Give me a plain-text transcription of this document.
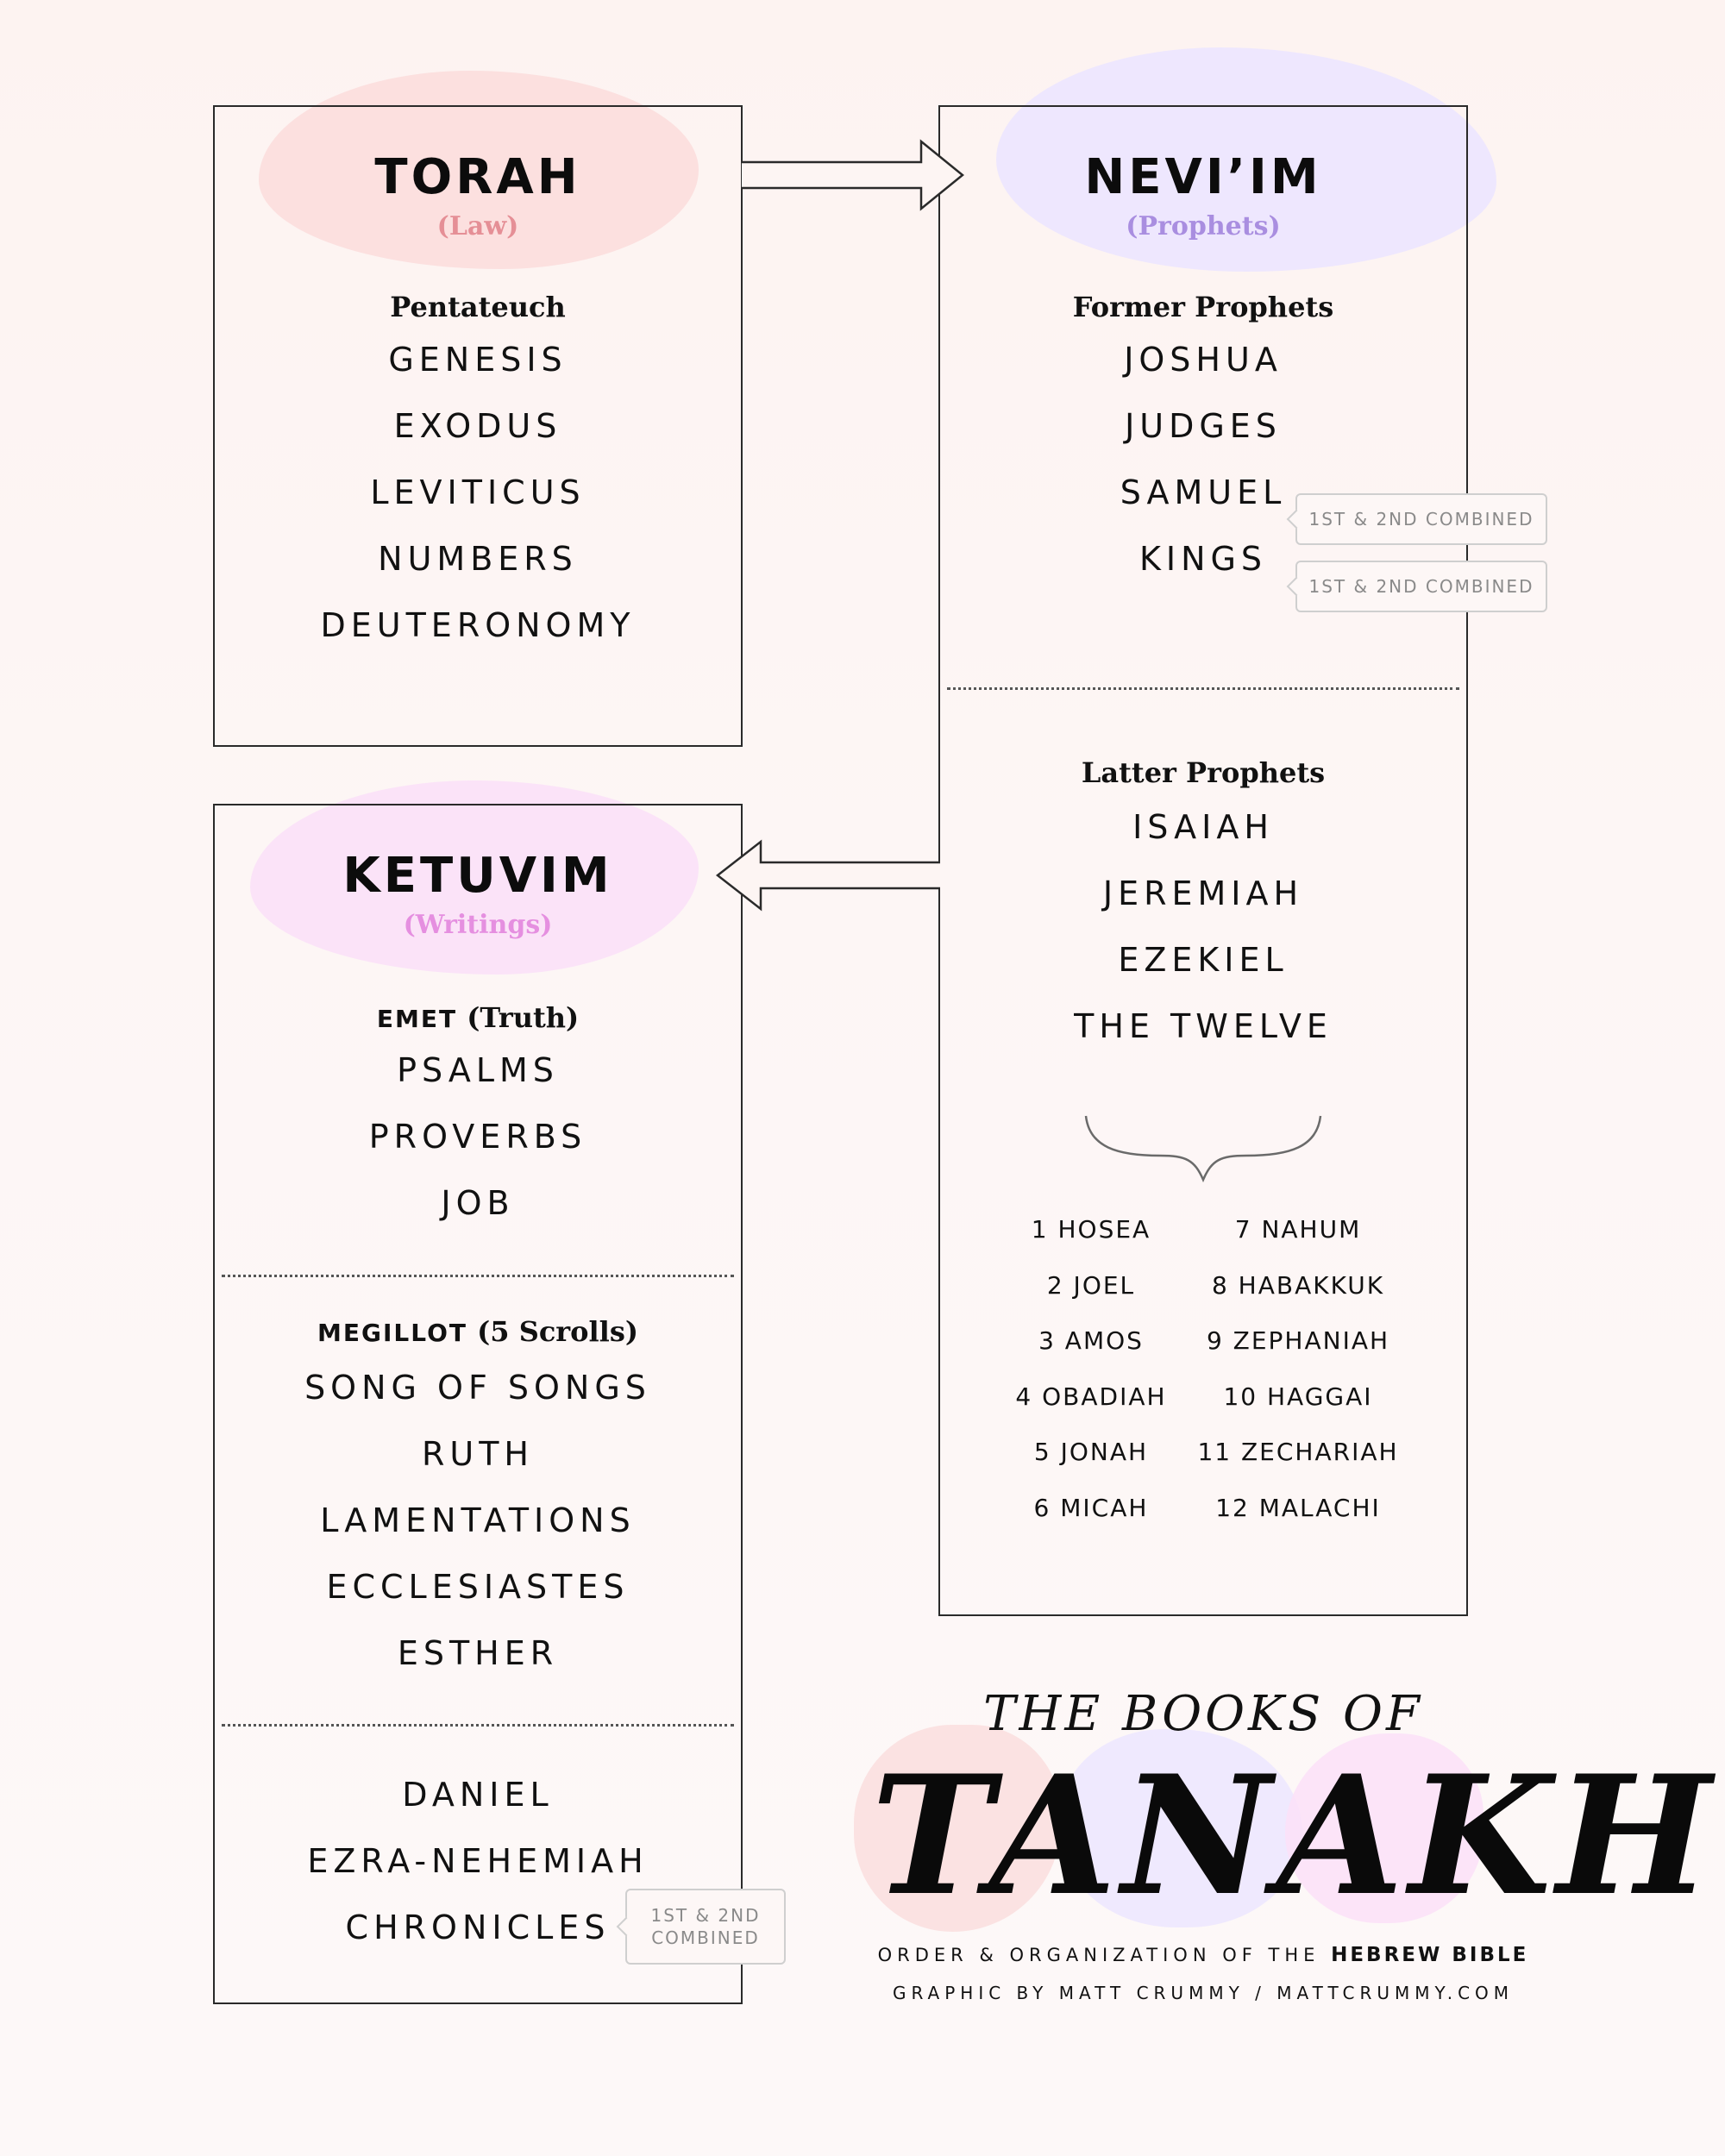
TORAH
(Law)
Pentateuch
GENESIS
EXODUS
LEVITICUS
NUMBERS
DEUTERONOMY
NEVI’IM
(Prophets)
Former Prophets
JOSHUA
JUDGES
SAMUEL
KINGS
1ST & 2ND COMBINED
1ST & 2ND COMBINED
Latter Prophets
ISAIAH
JEREMIAH
EZEKIEL
THE TWELVE
1 HOSEA
2 JOEL
3 AMOS
4 OBADIAH
5 JONAH
6 MICAH
7 NAHUM
8 HABAKKUK
9 ZEPHANIAH
10 HAGGAI
11 ZECHARIAH
12 MALACHI
KETUVIM
(Writings)
EMET (Truth)
PSALMS
PROVERBS
JOB
MEGILLOT (5 Scrolls)
SONG OF SONGS
RUTH
LAMENTATIONS
ECCLESIASTES
ESTHER
DANIEL
EZRA-NEHEMIAH
CHRONICLES	1ST & 2ND
COMBINED
THE BOOKS OF
TANAKH
ORDER & ORGANIZATION OF THE HEBREW BIBLE
GRAPHIC BY MATT CRUMMY / MATTCRUMMY.COM
